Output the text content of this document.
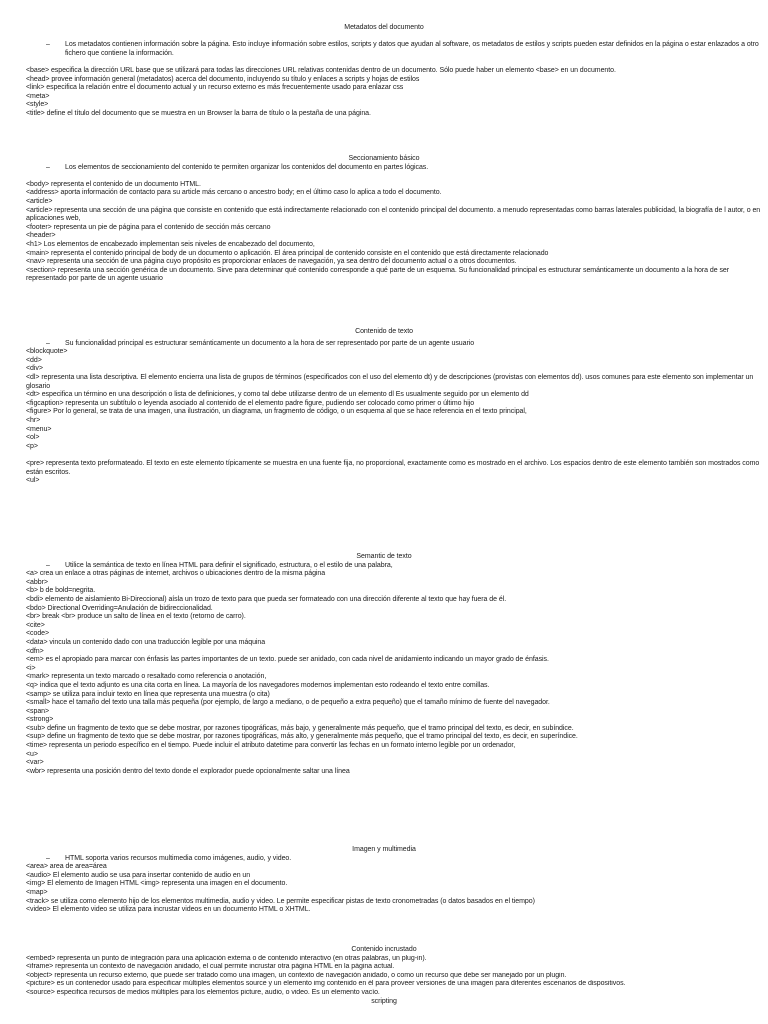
Metadatos del documento
–	Los metadatos contienen información sobre la página. Esto incluye información sobre estilos, scripts y datos que ayudan al software, os metadatos de estilos y scripts pueden estar definidos en la página o estar enlazados a otro fichero que contiene la información.
<base> especifica la dirección URL base que se utilizará para todas las direcciones URL relativas contenidas dentro de un documento. Sólo puede haber un elemento <base> en un documento.
<head> provee información general (metadatos) acerca del documento, incluyendo su título y enlaces a scripts y hojas de estilos
<link> especifica la relación entre el documento actual y un recurso externo es más frecuentemente usado para enlazar css
<meta>
<style>
<title> define el título del documento que se muestra en un Browser la barra de título o la pestaña de una página.
Seccionamiento básico
–	Los elementos de seccionamiento del contenido te permiten organizar los contenidos del documento en partes lógicas.
<body> representa el contenido de un documento HTML.
<address> aporta información de contacto para su article más cercano o ancestro body; en el último caso lo aplica a todo el documento.
<article>
<article> representa una sección de una página que consiste en contenido que está indirectamente relacionado con el contenido principal del documento. a menudo representadas como barras laterales publicidad, la biografía de l autor, o en aplicaciones web,
<footer> representa un pie de página para el contenido de sección más cercano
<header>
<h1> Los elementos de encabezado implementan seis niveles de encabezado del documento,
<main> representa el contenido principal de body de un documento o aplicación. El área principal de contenido consiste en el contenido que está directamente relacionado
<nav> representa una sección de una página cuyo propósito es proporcionar enlaces de navegación, ya sea dentro del documento actual o a otros documentos.
<section> representa una sección genérica de un documento. Sirve para determinar qué contenido corresponde a qué parte de un esquema. Su funcionalidad principal es estructurar semánticamente un documento a la hora de ser representado por parte de un agente usuario
Contenido de texto
–	Su funcionalidad principal es estructurar semánticamente un documento a la hora de ser representado por parte de un agente usuario
<blockquote>
<dd>
<div>
<dl> representa una lista descriptiva. El elemento encierra una lista de grupos de términos (especificados con el uso del elemento dt) y de descripciones (provistas con elementos dd). usos comunes para este elemento son implementar un glosario
<dt> especifica un término en una descripción o lista de definiciones, y como tal debe utilizarse dentro de un elemento dl Es usualmente seguido por un elemento dd
<figcaption> representa un subtítulo o leyenda asociado al contenido de el elemento padre figure, pudiendo ser colocado como primer o último hijo
<figure> Por lo general, se trata de una imagen, una ilustración, un diagrama, un fragmento de código, o un esquema al que se hace referencia en el texto principal,
<hr>
<menu>
<ol>
<p>
<pre> representa texto preformateado. El texto en este elemento típicamente se muestra en una fuente fija, no proporcional, exactamente como es mostrado en el archivo. Los espacios dentro de este elemento también son mostrados como están escritos.
<ul>
Semantic de texto
–	Utilice la semántica de texto en línea HTML para definir el significado, estructura, o el estilo de una palabra,
<a> crea un enlace a otras páginas de internet, archivos o ubicaciones dentro de la misma página
<abbr>
<b> b de bold=negrita.
<bdi> elemento de aislamiento Bi-Direccional) aísla un trozo de texto para que pueda ser formateado con una dirección diferente al texto que hay fuera de él.
<bdo> Directional Overriding=Anulación de bidireccionalidad.
<br> break <br> produce un salto de línea en el texto (retorno de carro).
<cite>
<code>
<data> vincula un contenido dado con una traducción legible por una máquina
<dfn>
<em> es el apropiado para marcar con énfasis las partes importantes de un texto. puede ser anidado, con cada nivel de anidamiento indicando un mayor grado de énfasis.
<i>
<mark> representa un texto marcado o resaltado como referencia o anotación,
<q> indica que el texto adjunto es una cita corta en línea. La mayoría de los navegadores modernos implementan esto rodeando el texto entre comillas.
<samp> se utiliza para incluir texto en línea que representa una muestra (o cita)
<small> hace el tamaño del texto una talla más pequeña (por ejemplo, de largo a mediano, o de pequeño a extra pequeño) que el tamaño mínimo de fuente del navegador.
<span>
<strong>
<sub> define un fragmento de texto que se debe mostrar, por razones tipográficas, más bajo, y generalmente más pequeño, que el tramo principal del texto, es decir, en subíndice.
<sup> define un fragmento de texto que se debe mostrar, por razones tipográficas, más alto, y generalmente más pequeño, que el tramo principal del texto, es decir, en superíndice.
<time> representa un periodo específico en el tiempo. Puede incluir el atributo datetime para convertir las fechas en un formato interno legible por un ordenador,
<u>
<var>
<wbr> representa una posición dentro del texto donde el explorador puede opcionalmente saltar una línea
Imagen y multimedia
–	HTML soporta varios recursos multimedia como imágenes, audio, y video.
<area> area de area=área
<audio> El elemento audio se usa para insertar contenido de audio en un
<img> El elemento de Imagen HTML <img> representa una imagen en el documento.
<map>
<track> se utiliza como elemento hijo de los elementos multimedia, audio y video. Le permite especificar pistas de texto cronometradas (o datos basados en el tiempo)
<video> El elemento video se utiliza para incrustar videos en un documento HTML o XHTML.
Contenido incrustado
<embed> representa un punto de integración para una aplicación externa o de contenido interactivo (en otras palabras, un plug-in).
<iframe> representa un contexto de navegación anidado, el cual permite incrustar otra página HTML en la página actual.
<object> representa un recurso externo, que puede ser tratado como una imagen, un contexto de navegación anidado, o como un recurso que debe ser manejado por un plugin.
<picture> es un contenedor usado para especificar múltiples elementos source y un elemento img contenido en él para proveer versiones de una imagen para diferentes escenarios de dispositivos.
<source> especifica recursos de medios múltiples para los elementos picture, audio, o video. Es un elemento vacío.
scripting
